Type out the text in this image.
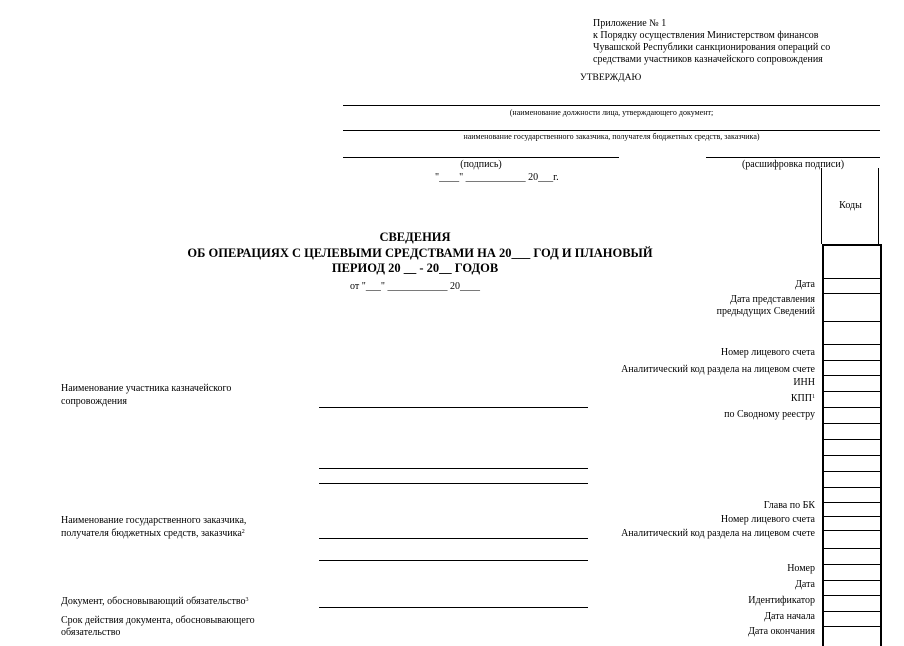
Приложение № 1
к Порядку осуществления Министерством финансов
Чувашской Республики санкционирования операций со
средствами участников казначейского сопровождения
УТВЕРЖДАЮ
(наименование должности лица, утверждающего документ;
наименование государственного заказчика, получателя бюджетных средств, заказчика)
(подпись)	(расшифровка подписи)
"____" ____________ 20___г.
Коды
СВЕДЕНИЯ
ОБ ОПЕРАЦИЯХ С ЦЕЛЕВЫМИ СРЕДСТВАМИ НА 20___ ГОД И ПЛАНОВЫЙ
ПЕРИОД 20 __ - 20__ ГОДОВ
от "___" ____________ 20____	Дата
Дата представления
предыдущих Сведений
Номер лицевого счета
Аналитический код раздела на лицевом счете
ИНН
КПП$^1$
по Сводному реестру
Глава по БК
Номер лицевого счета
Аналитический код раздела на лицевом счете
Номер
Дата
Идентификатор
Дата начала
Дата окончания
Наименование участника казначейского
сопровождения
Наименование государственного заказчика,
получателя бюджетных средств, заказчика$^2$
Документ, обосновывающий обязательство$^3$
Срок действия документа, обосновывающего
обязательство
